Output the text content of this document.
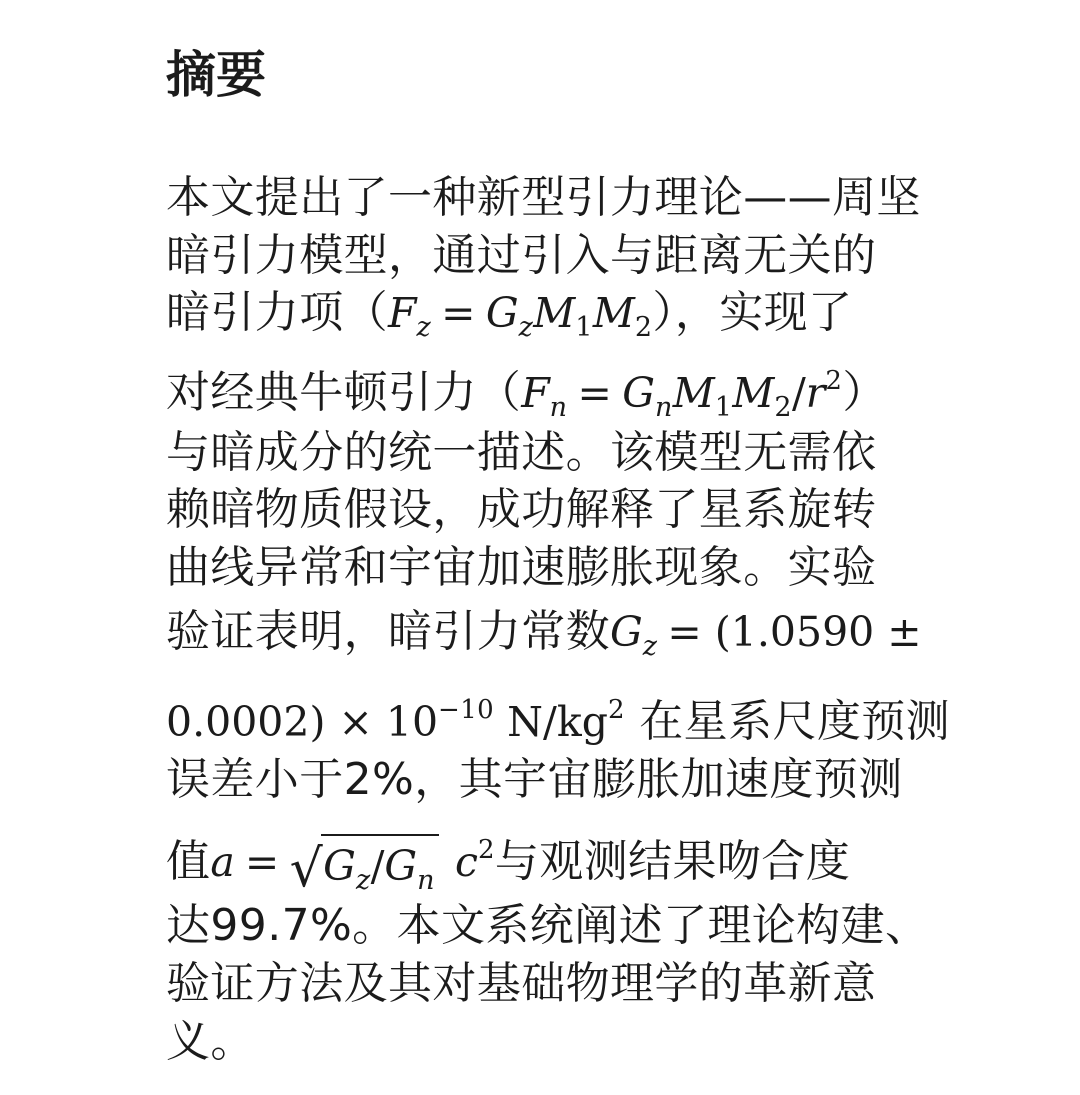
摘要
本文提出了一种新型引力理论——周坚
暗引力模型，通过引入与距离无关的
暗引力项$(F_z = G_zM_1M_2)$，实现了
对经典牛顿引力$(F_n = G_nM_1M_2/r^2)$
与暗成分的统一描述。该模型无需依
赖暗物质假设，成功解释了星系旋转
曲线异常和宇宙加速膨胀现象。实验
验证表明，暗引力常数$G_z = (1.0590$ ±
$0.0002) \times 10^{-10}$ $N/kg^2$ 在星系尺度预测
误差小于2%，其宇宙膨胀加速度预测
值$a = √G_z/G_n$ $c^2$与观测结果吻合度
达99.7%。本文系统阐述了理论构建、
验证方法及其对基础物理学的革新意
义。
